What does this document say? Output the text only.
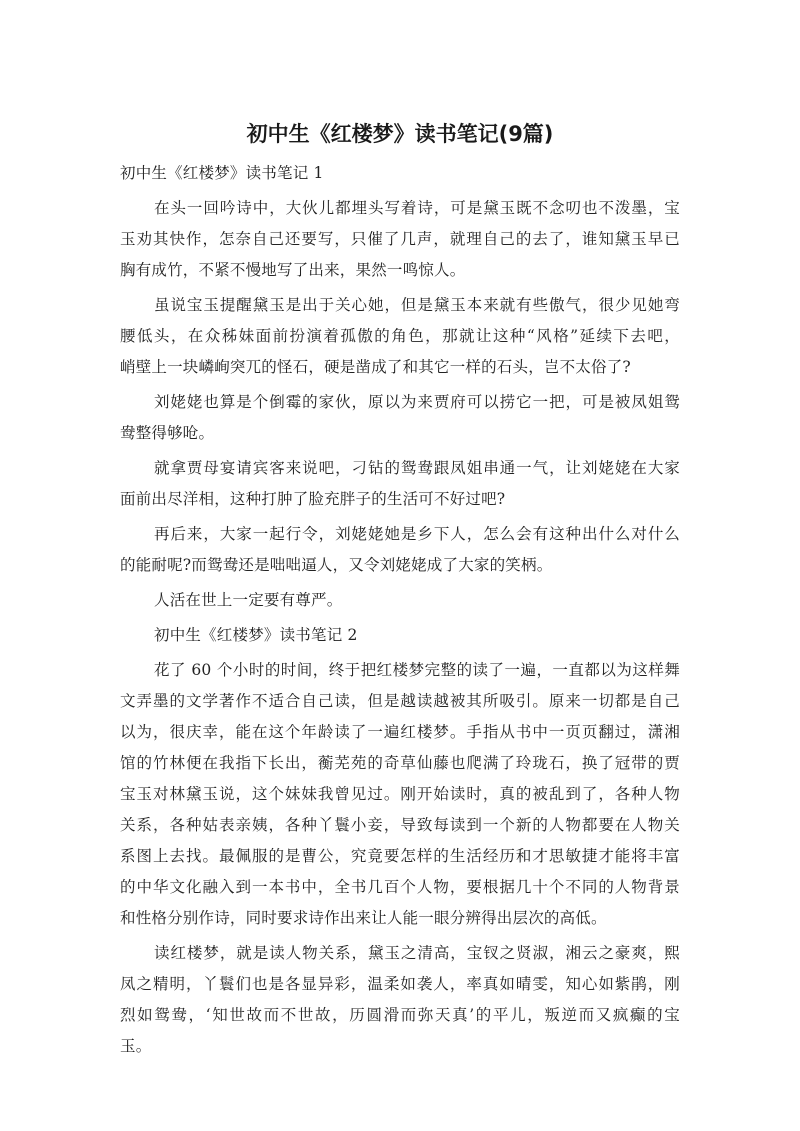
初中生《红楼梦》读书笔记(9篇)
初中生《红楼梦》读书笔记 1
在头一回吟诗中，大伙儿都埋头写着诗，可是黛玉既不念叨也不泼墨，宝
玉劝其快作，怎奈自己还要写，只催了几声，就理自己的去了，谁知黛玉早已
胸有成竹，不紧不慢地写了出来，果然一鸣惊人。
虽说宝玉提醒黛玉是出于关心她，但是黛玉本来就有些傲气，很少见她弯
腰低头，在众秭妹面前扮演着孤傲的角色，那就让这种“风格”延续下去吧，
峭壁上一块嶙峋突兀的怪石，硬是凿成了和其它一样的石头，岂不太俗了?
刘姥姥也算是个倒霉的家伙，原以为来贾府可以捞它一把，可是被凤姐鸳
鸯整得够呛。
就拿贾母宴请宾客来说吧，刁钻的鸳鸯跟凤姐串通一气，让刘姥姥在大家
面前出尽洋相，这种打肿了脸充胖子的生活可不好过吧?
再后来，大家一起行令，刘姥姥她是乡下人，怎么会有这种出什么对什么
的能耐呢?而鸳鸯还是咄咄逼人，又令刘姥姥成了大家的笑柄。
人活在世上一定要有尊严。
初中生《红楼梦》读书笔记 2
花了 60 个小时的时间，终于把红楼梦完整的读了一遍，一直都以为这样舞
文弄墨的文学著作不适合自己读，但是越读越被其所吸引。原来一切都是自己
以为，很庆幸，能在这个年龄读了一遍红楼梦。手指从书中一页页翻过，潇湘
馆的竹林便在我指下长出，蘅芜苑的奇草仙藤也爬满了玲珑石，换了冠带的贾
宝玉对林黛玉说，这个妹妹我曾见过。刚开始读时，真的被乱到了，各种人物
关系，各种姑表亲姨，各种丫鬟小妾，导致每读到一个新的人物都要在人物关
系图上去找。最佩服的是曹公，究竟要怎样的生活经历和才思敏捷才能将丰富
的中华文化融入到一本书中，全书几百个人物，要根据几十个不同的人物背景
和性格分别作诗，同时要求诗作出来让人能一眼分辨得出层次的高低。
读红楼梦，就是读人物关系，黛玉之清高，宝钗之贤淑，湘云之豪爽，熙
凤之精明，丫鬟们也是各显异彩，温柔如袭人，率真如晴雯，知心如紫鹃，刚
烈如鸳鸯，‘知世故而不世故，历圆滑而弥天真’的平儿，叛逆而又疯癫的宝
玉。
